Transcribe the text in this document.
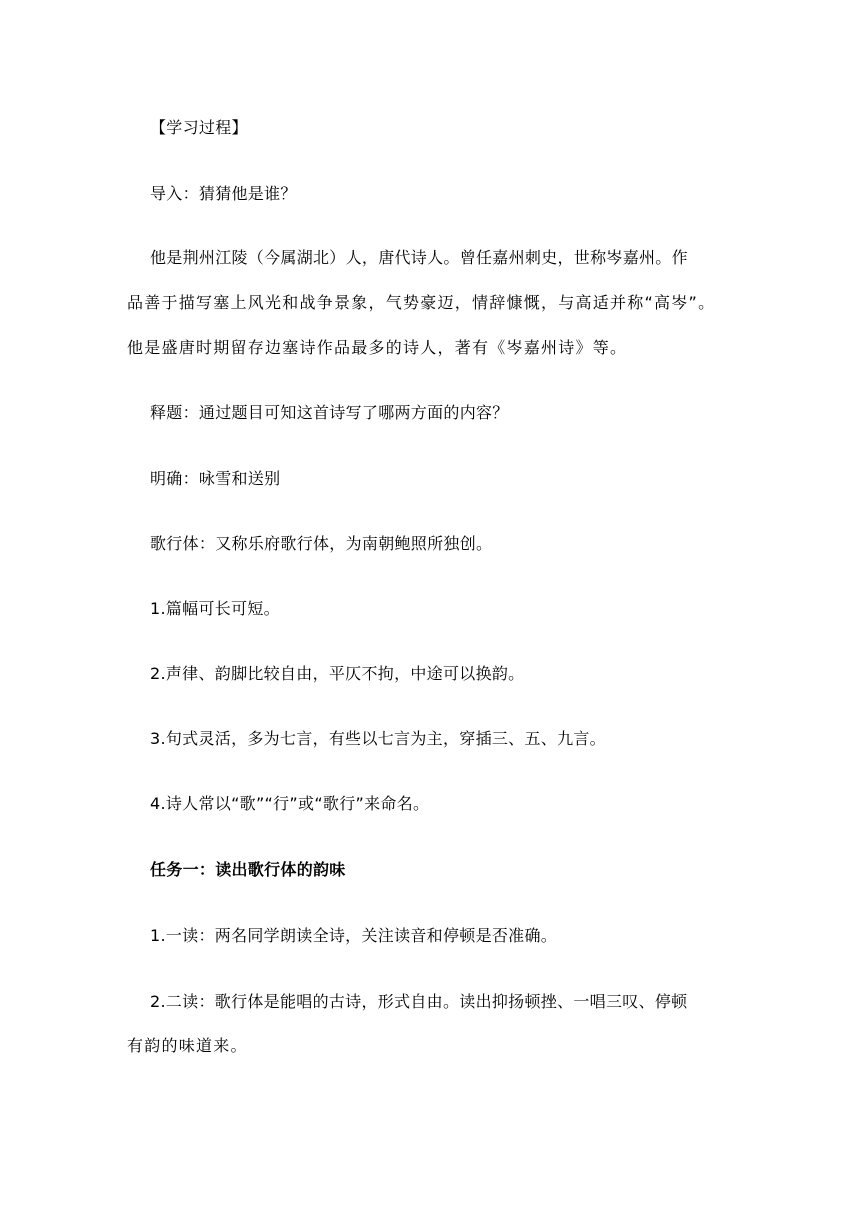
【学习过程】
导入：猜猜他是谁？
他是荆州江陵（今属湖北）人，唐代诗人。曾任嘉州刺史，世称岑嘉州。作
品善于描写塞上风光和战争景象，气势豪迈，情辞慷慨，与高适并称“高岑”。
他是盛唐时期留存边塞诗作品最多的诗人，著有《岑嘉州诗》等。
释题：通过题目可知这首诗写了哪两方面的内容？
明确：咏雪和送别
歌行体：又称乐府歌行体，为南朝鲍照所独创。
1.篇幅可长可短。
2.声律、韵脚比较自由，平仄不拘，中途可以换韵。
3.句式灵活，多为七言，有些以七言为主，穿插三、五、九言。
4.诗人常以“歌”“行”或“歌行”来命名。
任务一：读出歌行体的韵味
1.一读：两名同学朗读全诗，关注读音和停顿是否准确。
2.二读：歌行体是能唱的古诗，形式自由。读出抑扬顿挫、一唱三叹、停顿
有韵的味道来。
